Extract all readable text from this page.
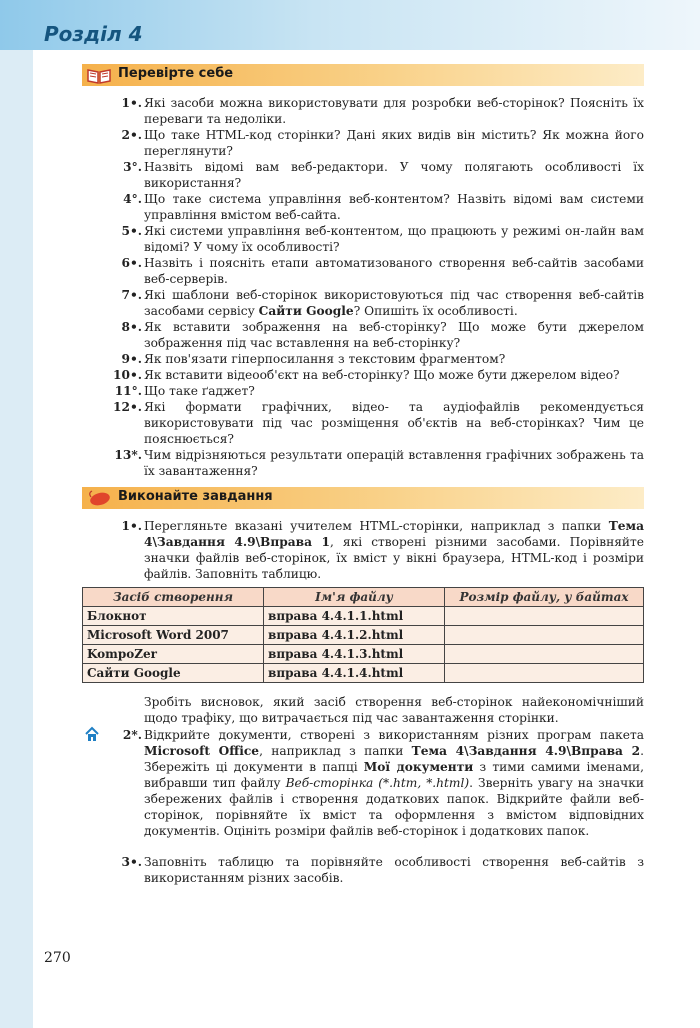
Розділ 4
Перевірте себе
1•. Які засоби можна використовувати для розробки веб-сторінок? Поясніть їх переваги та недоліки.
2•. Що таке HTML-код сторінки? Дані яких видів він містить? Як можна його переглянути?
3°. Назвіть відомі вам веб-редактори. У чому полягають особливості їх використання?
4°. Що таке система управління веб-контентом? Назвіть відомі вам системи управління вмістом веб-сайта.
5•. Які системи управління веб-контентом, що працюють у режимі он-лайн вам відомі? У чому їх особливості?
6•. Назвіть і поясніть етапи автоматизованого створення веб-сайтів засобами веб-серверів.
7•. Які шаблони веб-сторінок використовуються під час створення веб-сайтів засобами сервісу Сайти Google? Опишіть їх особливості.
8•. Як вставити зображення на веб-сторінку? Що може бути джерелом зображення під час вставлення на веб-сторінку?
9•. Як пов'язати гіперпосилання з текстовим фрагментом?
10•. Як вставити відеооб'єкт на веб-сторінку? Що може бути джерелом відео?
11°. Що таке ґаджет?
12•. Які формати графічних, відео- та аудіофайлів рекомендується використовувати під час розміщення об'єктів на веб-сторінках? Чим це пояснюється?
13*. Чим відрізняються результати операцій вставлення графічних зображень та їх завантаження?
Виконайте завдання
1•. Перегляньте вказані учителем HTML-сторінки, наприклад з папки Тема 4\Завдання 4.9\Вправа 1, які створені різними засобами. Порівняйте значки файлів веб-сторінок, їх вміст у вікні браузера, HTML-код і розміри файлів. Заповніть таблицю.
Засіб створення	Ім'я файлу	Розмір файлу, у байтах
Блокнот	вправа 4.4.1.1.html	
Microsoft Word 2007	вправа 4.4.1.2.html	
KompoZer	вправа 4.4.1.3.html	
Сайти Google	вправа 4.4.1.4.html	
Зробіть висновок, який засіб створення веб-сторінок найекономічніший щодо трафіку, що витрачається під час завантаження сторінки.
2*. Відкрийте документи, створені з використанням різних програм пакета Microsoft Office, наприклад з папки Тема 4\Завдання 4.9\Вправа 2. Збережіть ці документи в папці Мої документи з тими самими іменами, вибравши тип файлу Веб-сторінка (*.htm, *.html). Зверніть увагу на значки збережених файлів і створення додаткових папок. Відкрийте файли веб-сторінок, порівняйте їх вміст та оформлення з вмістом відповідних документів. Оцініть розміри файлів веб-сторінок і додаткових папок.
3•. Заповніть таблицю та порівняйте особливості створення веб-сайтів з використанням різних засобів.
270
